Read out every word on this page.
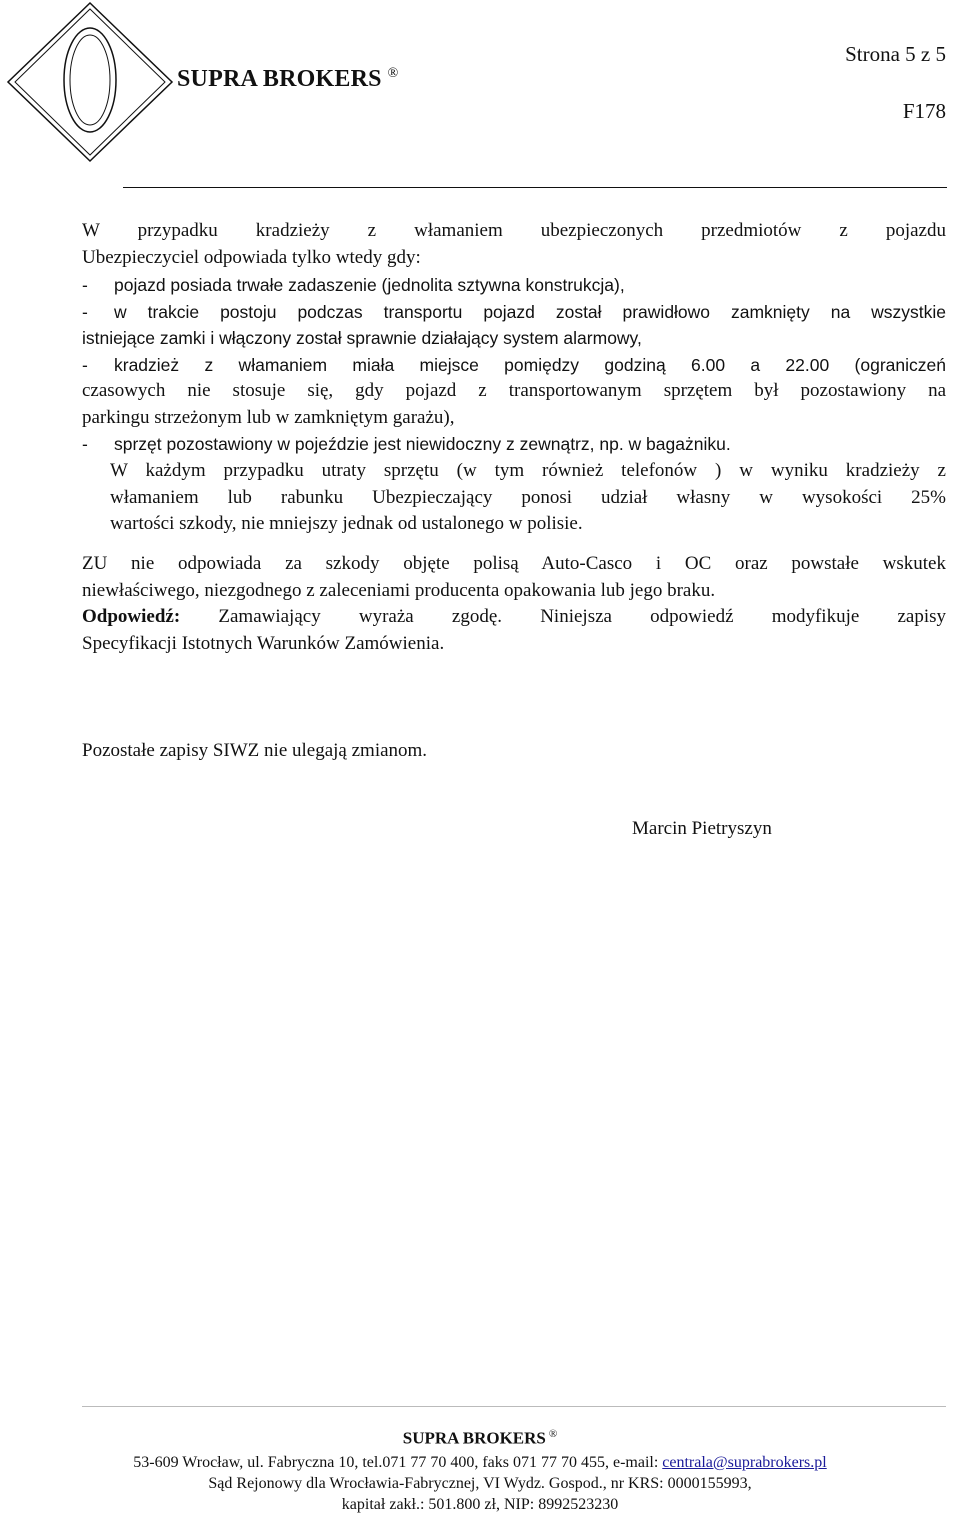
SUPRA BROKERS ®
Strona 5 z 5
F178
W przypadku kradzieży z włamaniem ubezpieczonych przedmiotów z pojazdu
Ubezpieczyciel odpowiada tylko wtedy gdy:
- pojazd posiada trwałe zadaszenie (jednolita sztywna konstrukcja),
- w trakcie postoju podczas transportu pojazd został prawidłowo zamknięty na wszystkie
istniejące zamki i włączony został sprawnie działający system alarmowy,
- kradzież z włamaniem miała miejsce pomiędzy godziną 6.00 a 22.00 (ograniczeń
czasowych nie stosuje się, gdy pojazd z transportowanym sprzętem był pozostawiony na
parkingu strzeżonym lub w zamkniętym garażu),
- sprzęt pozostawiony w pojeździe jest niewidoczny z zewnątrz, np. w bagażniku.
W każdym przypadku utraty sprzętu (w tym również telefonów ) w wyniku kradzieży z
włamaniem lub rabunku Ubezpieczający ponosi udział własny w wysokości 25%
wartości szkody, nie mniejszy jednak od ustalonego w polisie.
ZU nie odpowiada za szkody objęte polisą Auto-Casco i OC oraz powstałe wskutek
niewłaściwego, niezgodnego z zaleceniami producenta opakowania lub jego braku.
Odpowiedź: Zamawiający wyraża zgodę. Niniejsza odpowiedź modyfikuje zapisy
Specyfikacji Istotnych Warunków Zamówienia.
Pozostałe zapisy SIWZ nie ulegają zmianom.
Marcin Pietryszyn
SUPRA BROKERS ®
53-609 Wrocław, ul. Fabryczna 10, tel.071 77 70 400, faks 071 77 70 455, e-mail: centrala@suprabrokers.pl
Sąd Rejonowy dla Wrocławia-Fabrycznej, VI Wydz. Gospod., nr KRS: 0000155993,
kapitał zakł.: 501.800 zł, NIP: 8992523230
